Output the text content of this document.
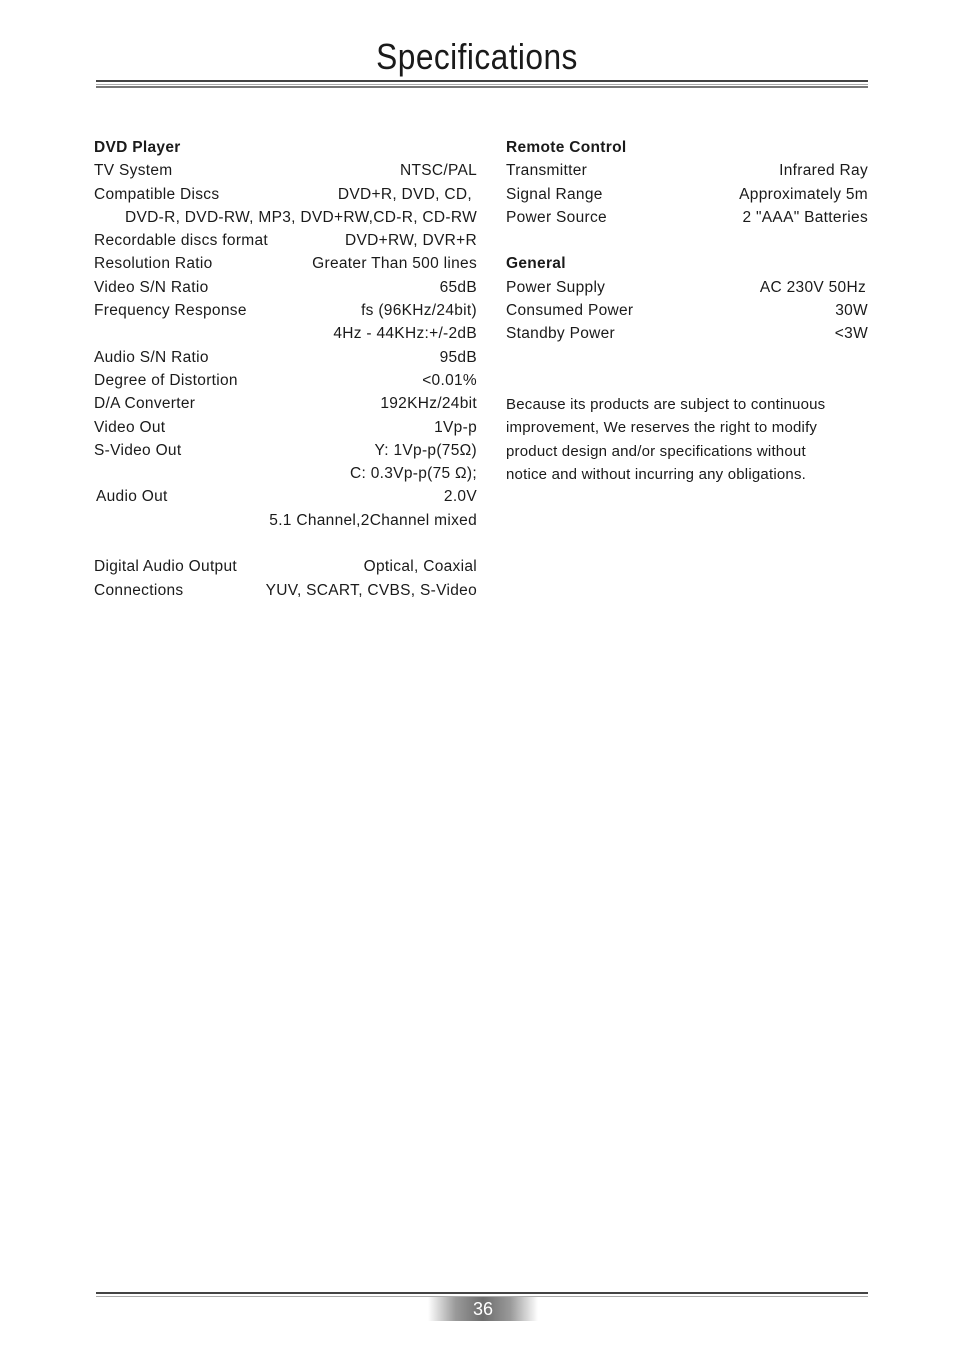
Specifications
DVD Player
TV System	NTSC/PAL
Compatible Discs	DVD+R, DVD, CD,
DVD-R, DVD-RW, MP3, DVD+RW,CD-R, CD-RW
Recordable discs format	DVD+RW, DVR+R
Resolution Ratio	Greater Than 500 lines
Video S/N Ratio	65dB
Frequency Response	fs (96KHz/24bit)
4Hz - 44KHz:+/-2dB
Audio S/N Ratio	95dB
Degree of Distortion	<0.01%
D/A Converter	192KHz/24bit
Video Out	1Vp-p
S-Video Out	Y: 1Vp-p(75Ω)
C: 0.3Vp-p(75 Ω);
Audio Out	2.0V
5.1 Channel,2Channel mixed
Digital Audio Output	Optical, Coaxial
Connections	YUV, SCART, CVBS, S-Video
Remote Control
Transmitter	Infrared Ray
Signal Range	Approximately 5m
Power Source	2 "AAA" Batteries
General
Power Supply	AC 230V 50Hz
Consumed Power	30W
Standby Power	<3W
Because its products are subject to continuous
improvement, We reserves the right to modify
product design and/or specifications without
notice and without incurring any obligations.
36
